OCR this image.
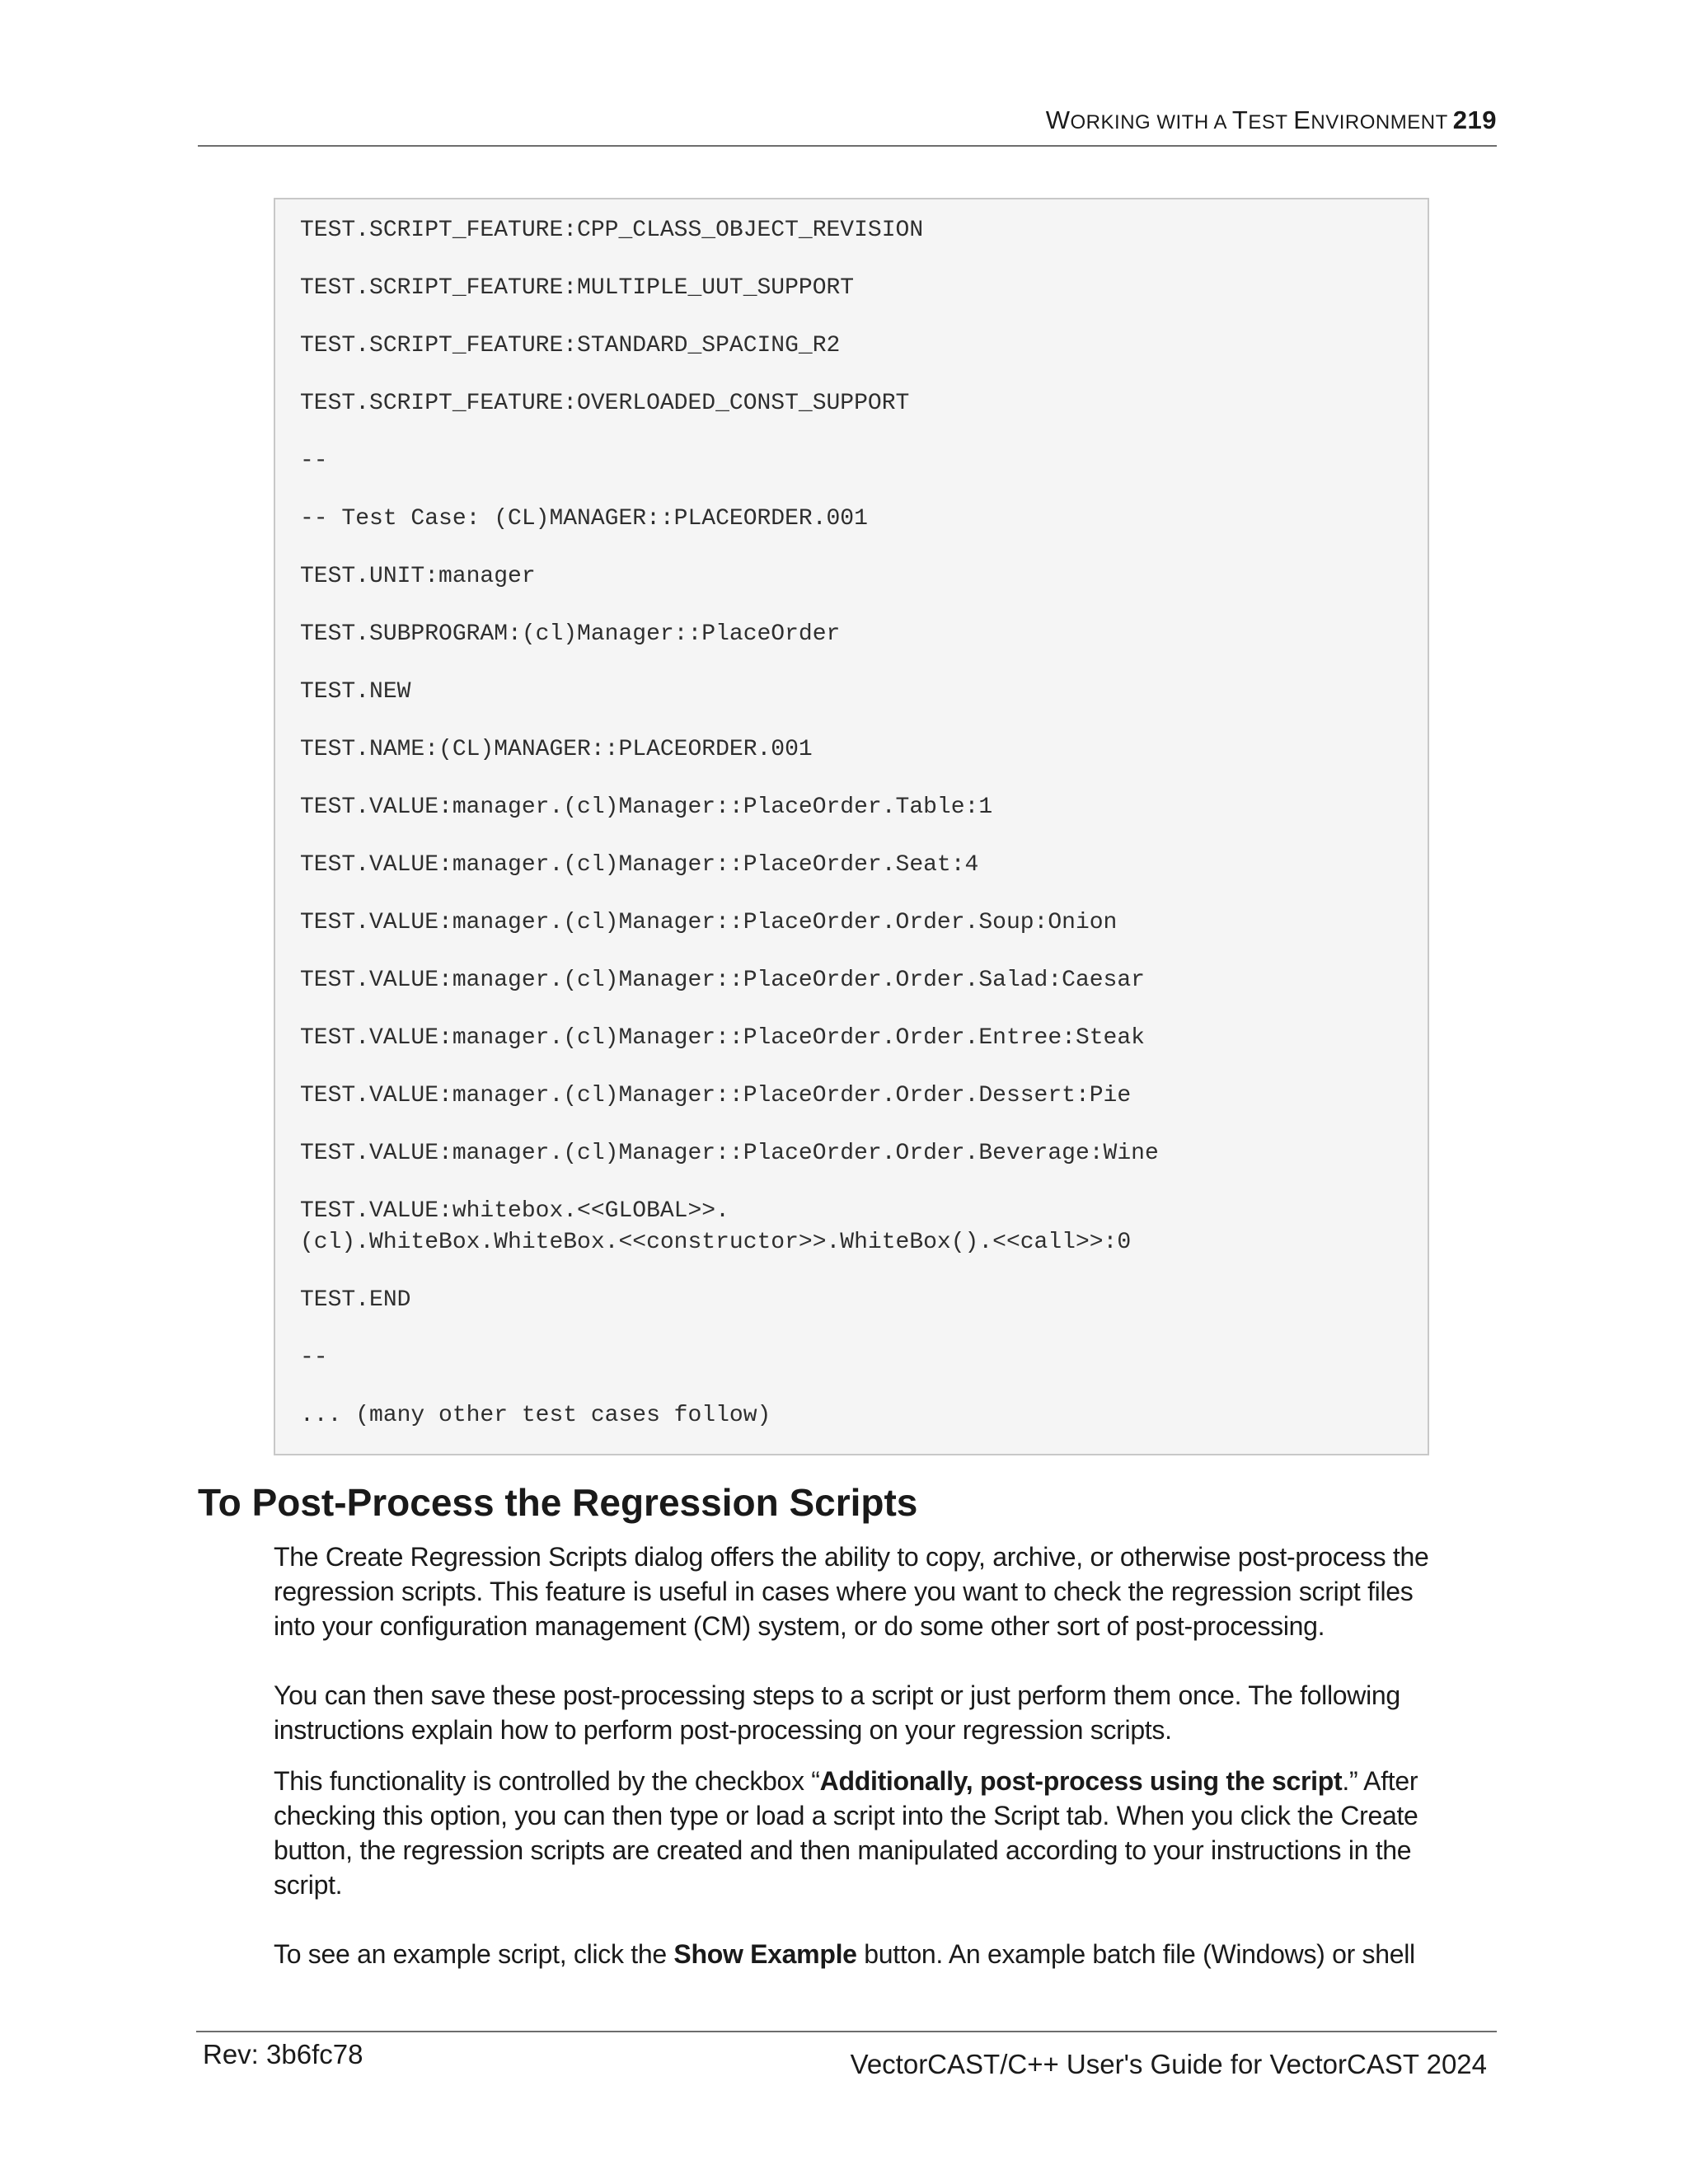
WORKING WITH A TEST ENVIRONMENT 219
TEST.SCRIPT_FEATURE:CPP_CLASS_OBJECT_REVISION
TEST.SCRIPT_FEATURE:MULTIPLE_UUT_SUPPORT
TEST.SCRIPT_FEATURE:STANDARD_SPACING_R2
TEST.SCRIPT_FEATURE:OVERLOADED_CONST_SUPPORT
--
-- Test Case: (CL)MANAGER::PLACEORDER.001
TEST.UNIT:manager
TEST.SUBPROGRAM:(cl)Manager::PlaceOrder
TEST.NEW
TEST.NAME:(CL)MANAGER::PLACEORDER.001
TEST.VALUE:manager.(cl)Manager::PlaceOrder.Table:1
TEST.VALUE:manager.(cl)Manager::PlaceOrder.Seat:4
TEST.VALUE:manager.(cl)Manager::PlaceOrder.Order.Soup:Onion
TEST.VALUE:manager.(cl)Manager::PlaceOrder.Order.Salad:Caesar
TEST.VALUE:manager.(cl)Manager::PlaceOrder.Order.Entree:Steak
TEST.VALUE:manager.(cl)Manager::PlaceOrder.Order.Dessert:Pie
TEST.VALUE:manager.(cl)Manager::PlaceOrder.Order.Beverage:Wine
TEST.VALUE:whitebox.<<GLOBAL>>.
(cl).WhiteBox.WhiteBox.<<constructor>>.WhiteBox().<<call>>:0
TEST.END
--
... (many other test cases follow)
To Post-Process the Regression Scripts

The Create Regression Scripts dialog offers the ability to copy, archive, or otherwise post-process the
regression scripts. This feature is useful in cases where you want to check the regression script files
into your configuration management (CM) system, or do some other sort of post-processing.

You can then save these post-processing steps to a script or just perform them once. The following
instructions explain how to perform post-processing on your regression scripts.

This functionality is controlled by the checkbox “Additionally, post-process using the script.” After
checking this option, you can then type or load a script into the Script tab. When you click the Create
button, the regression scripts are created and then manipulated according to your instructions in the
script.

To see an example script, click the Show Example button. An example batch file (Windows) or shell

Rev: 3b6fc78	VectorCAST/C++ User's Guide for VectorCAST 2024
